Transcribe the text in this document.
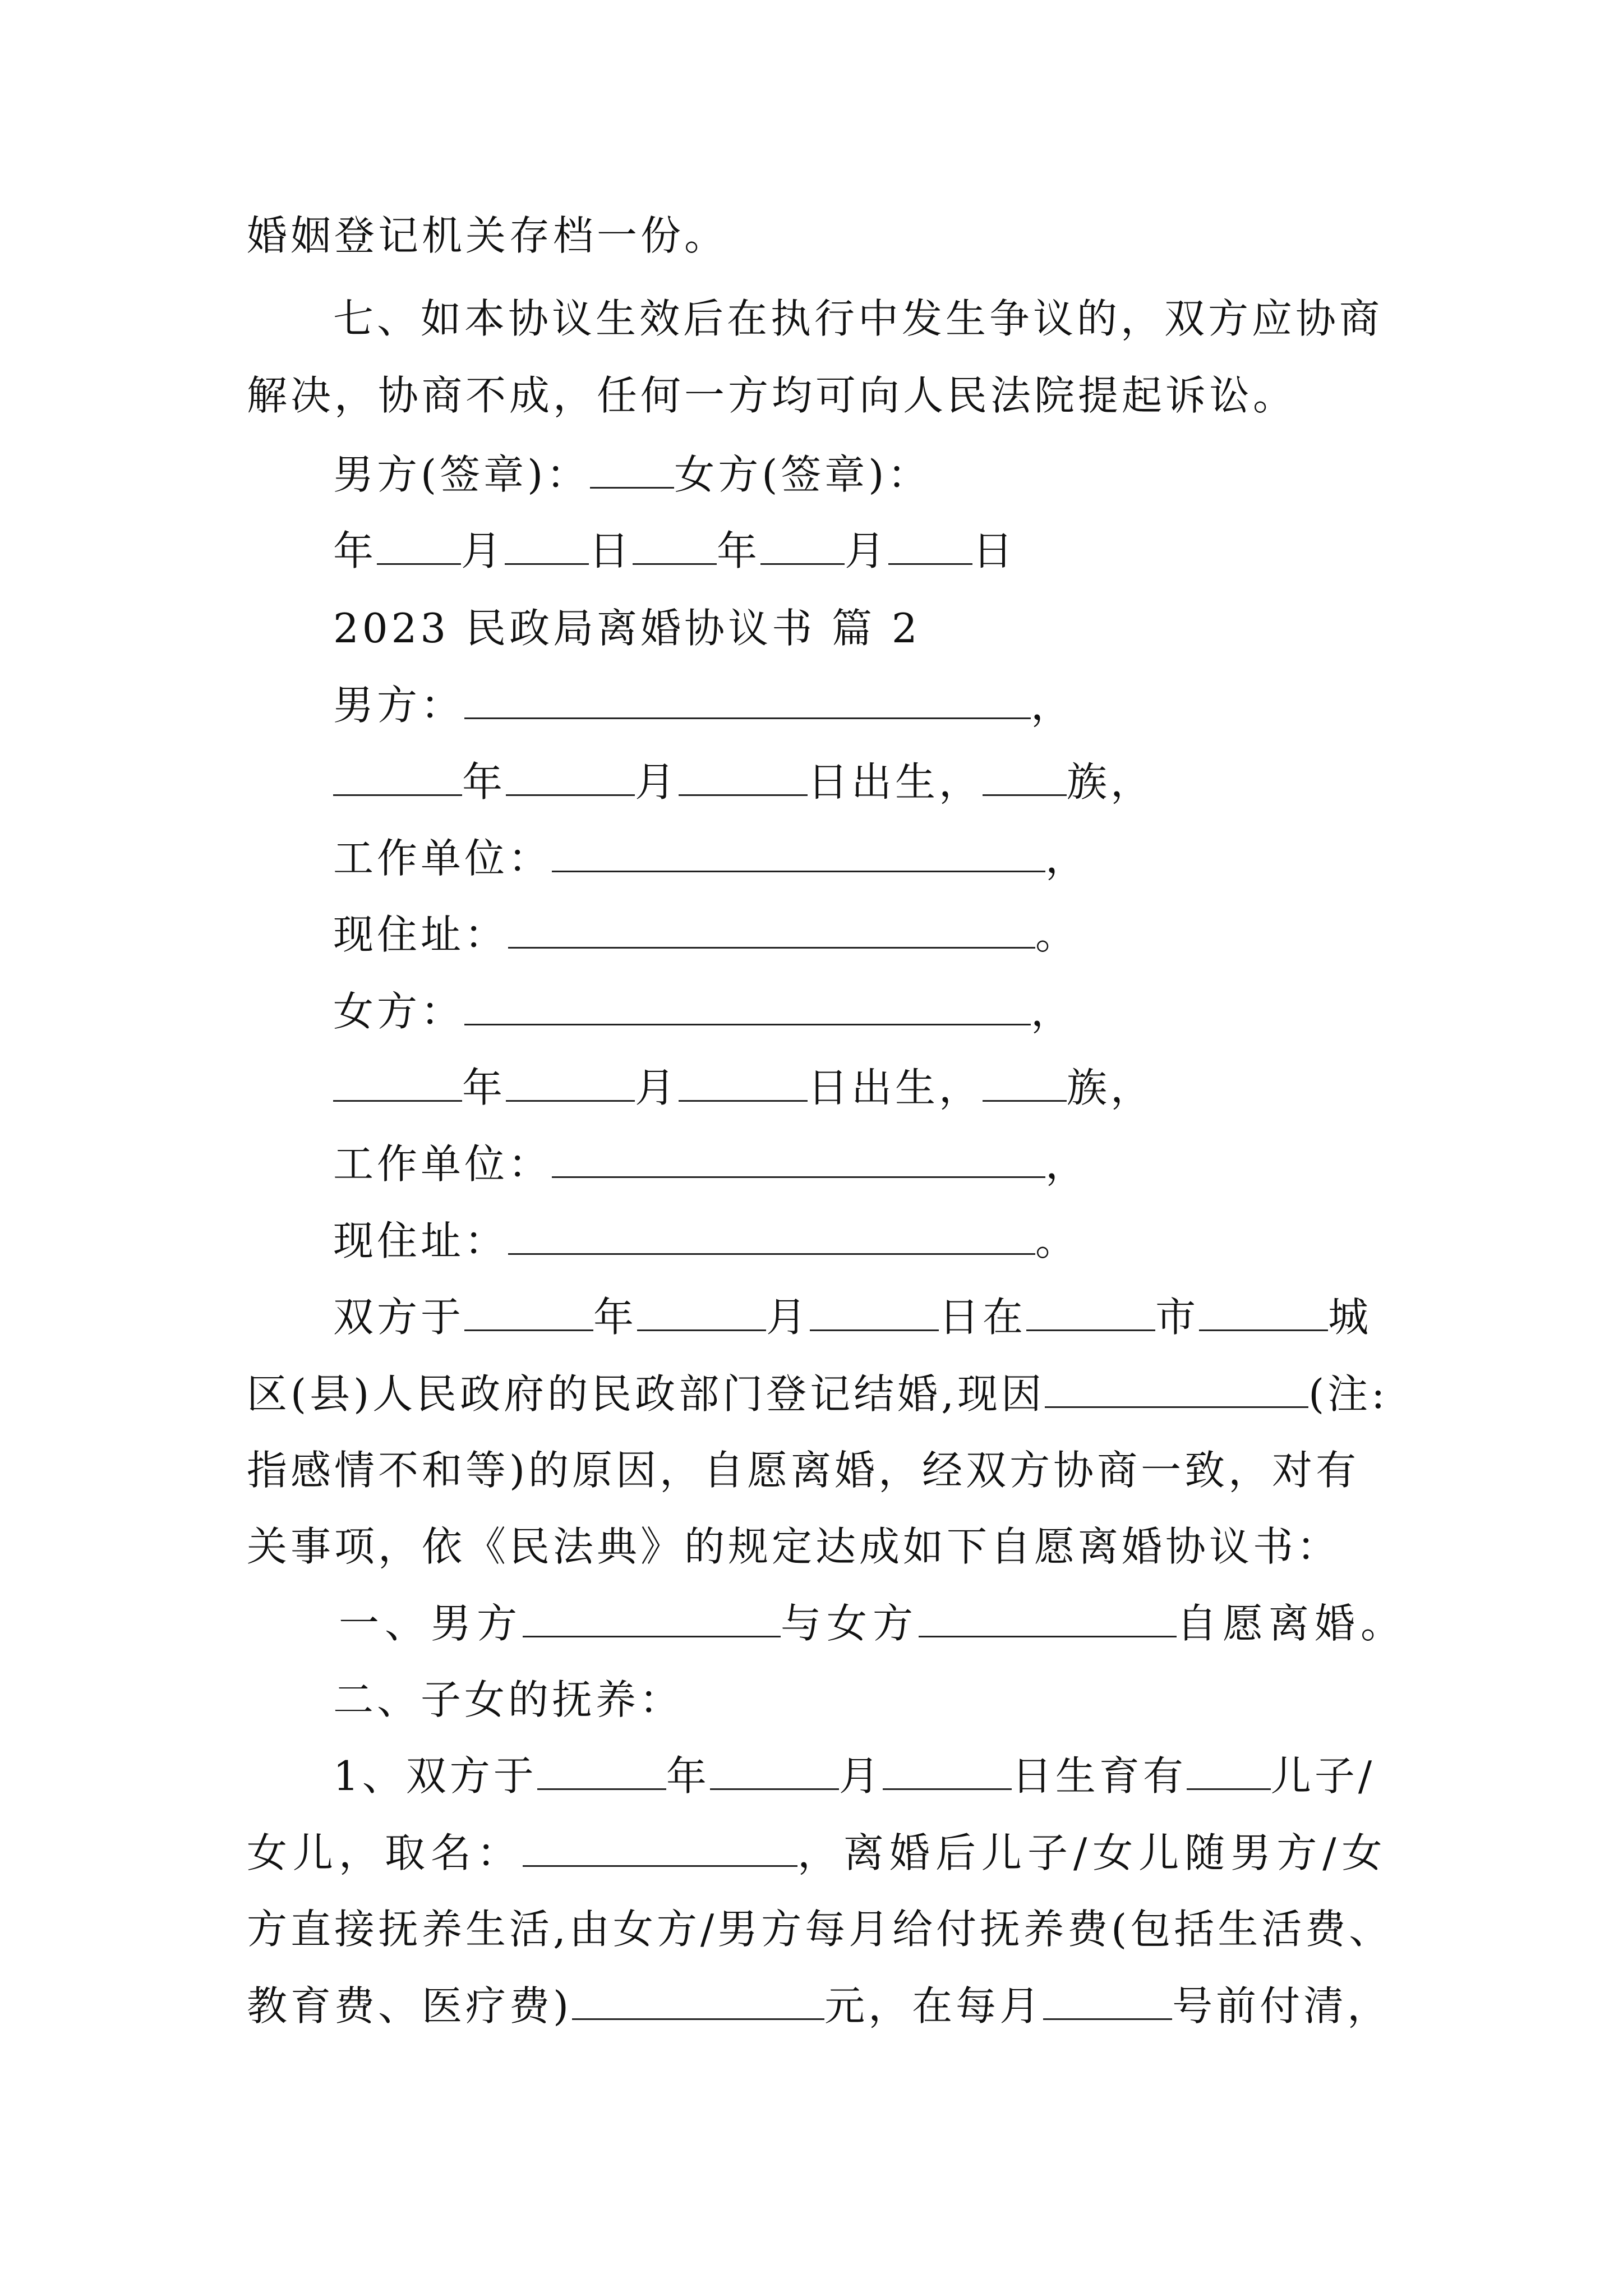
婚姻登记机关存档一份。
七、如本协议生效后在执行中发生争议的，双方应协商
解决，协商不成，任何一方均可向人民法院提起诉讼。
男方(签章)： 女方(签章)：
年 月 日 年 月 日
2023 民政局离婚协议书 篇 2
男方：	，
年	月	日出生， 族，
工作单位：	，
现住址：	。
女方：	，
年	月	日出生， 族，
工作单位：	，
现住址：	。
双方于	年	月	日在	市	城
区(县)人民政府的民政部门登记结婚,现因	(注:
指感情不和等)的原因，自愿离婚，经双方协商一致，对有
关事项，依《民法典》的规定达成如下自愿离婚协议书：
一、男方	与女方	自愿离婚。
二、子女的抚养：
1、双方于	年	月	日生育有 儿子/
女儿，取名：	，离婚后儿子/女儿随男方/女
方直接抚养生活,由女方/男方每月给付抚养费(包括生活费、
教育费、医疗费)	元，在每月	号前付清，
